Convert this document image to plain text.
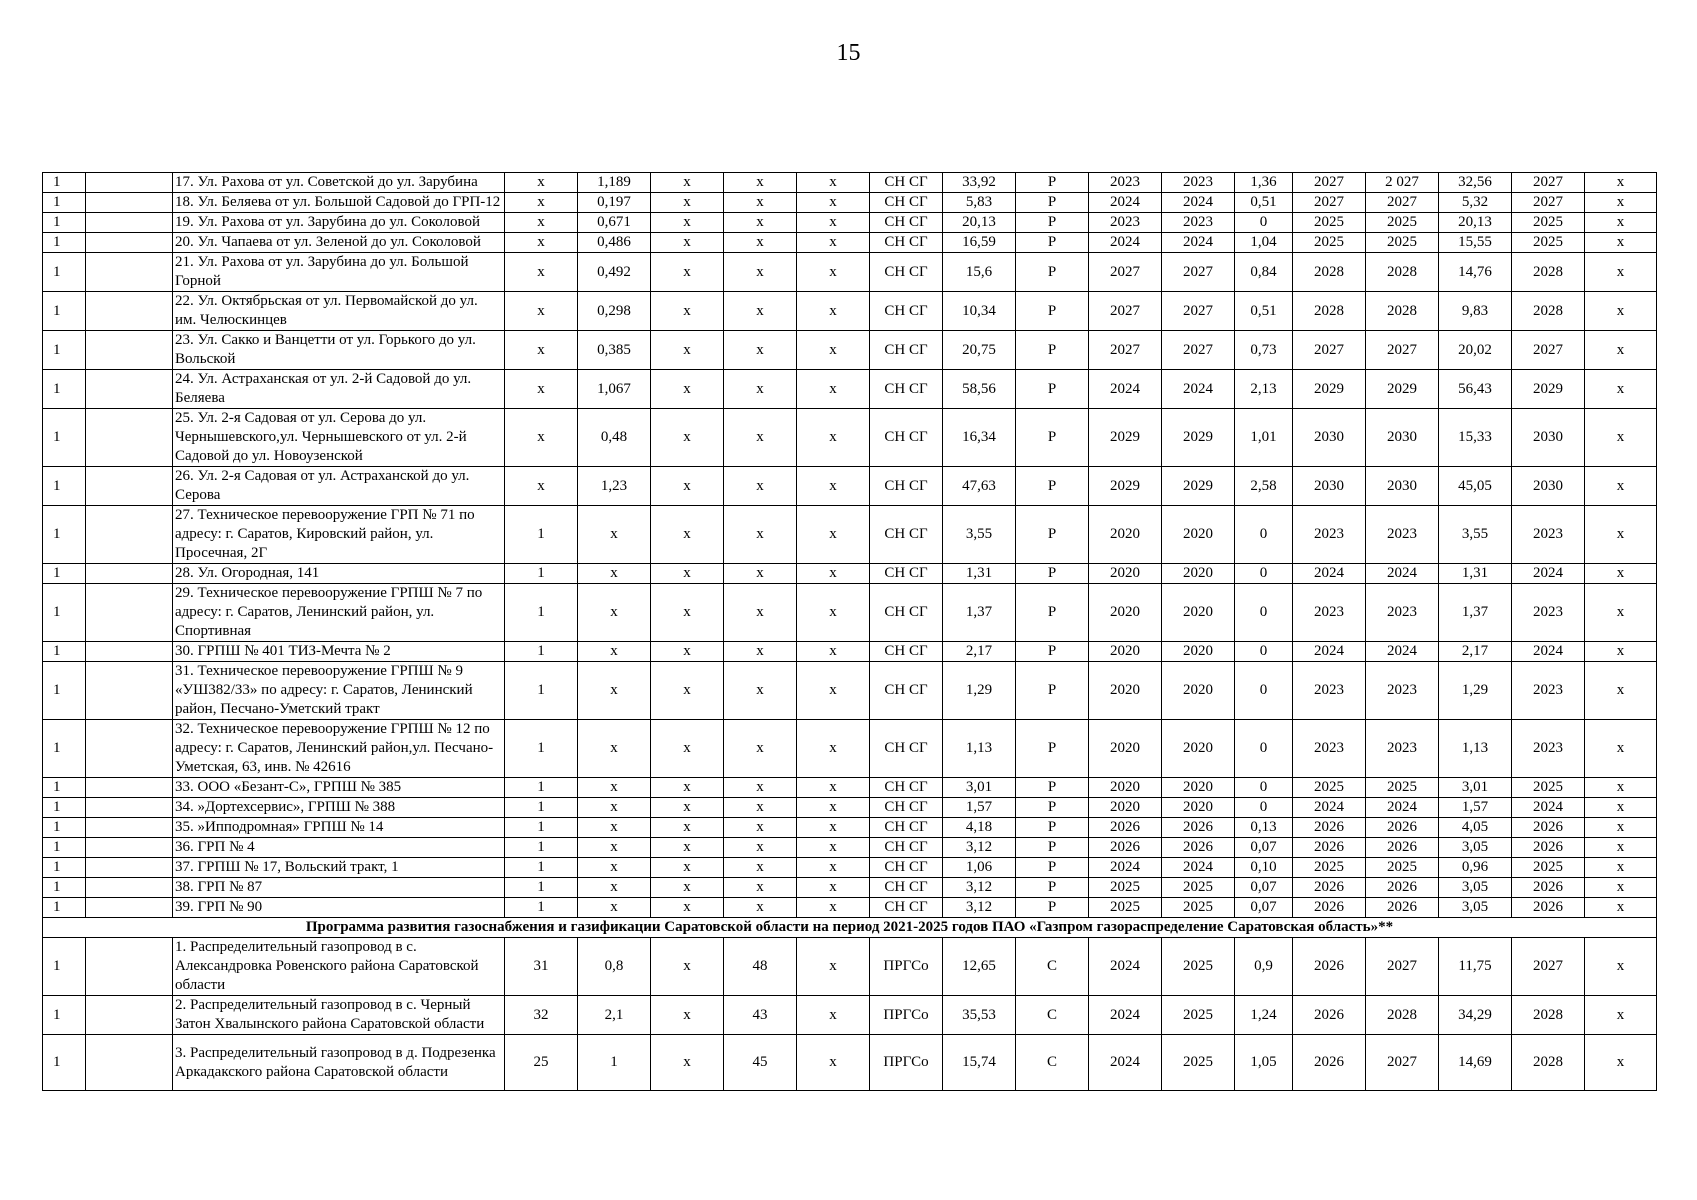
15
1		17. Ул. Рахова от ул. Советской до ул. Зарубина	x	1,189	x	x	x	СН СГ	33,92	Р	2023	2023	1,36	2027	2 027	32,56	2027	x
1		18. Ул. Беляева от ул. Большой Садовой до ГРП-12	x	0,197	x	x	x	СН СГ	5,83	Р	2024	2024	0,51	2027	2027	5,32	2027	x
1		19. Ул. Рахова от ул. Зарубина до ул. Соколовой	x	0,671	x	x	x	СН СГ	20,13	Р	2023	2023	0	2025	2025	20,13	2025	x
1		20. Ул. Чапаева от ул. Зеленой до ул. Соколовой	x	0,486	x	x	x	СН СГ	16,59	Р	2024	2024	1,04	2025	2025	15,55	2025	x
1		21. Ул. Рахова от ул. Зарубина до ул. Большой Горной	x	0,492	x	x	x	СН СГ	15,6	Р	2027	2027	0,84	2028	2028	14,76	2028	x
1		22. Ул. Октябрьская от ул. Первомайской до ул. им. Челюскинцев	x	0,298	x	x	x	СН СГ	10,34	Р	2027	2027	0,51	2028	2028	9,83	2028	x
1		23. Ул. Сакко и Ванцетти от ул. Горького до ул. Вольской	x	0,385	x	x	x	СН СГ	20,75	Р	2027	2027	0,73	2027	2027	20,02	2027	x
1		24. Ул. Астраханская от ул. 2-й Садовой до ул. Беляева	x	1,067	x	x	x	СН СГ	58,56	Р	2024	2024	2,13	2029	2029	56,43	2029	x
1		25. Ул. 2-я Садовая от ул. Серова до ул. Чернышевского,ул. Чернышевского от ул. 2-й Садовой до ул. Новоузенской	x	0,48	x	x	x	СН СГ	16,34	Р	2029	2029	1,01	2030	2030	15,33	2030	x
1		26. Ул. 2-я Садовая от ул. Астраханской до ул. Серова	x	1,23	x	x	x	СН СГ	47,63	Р	2029	2029	2,58	2030	2030	45,05	2030	x
1		27. Техническое перевооружение ГРП № 71 по адресу: г. Саратов, Кировский район, ул. Просечная, 2Г	1	x	x	x	x	СН СГ	3,55	Р	2020	2020	0	2023	2023	3,55	2023	x
1		28. Ул. Огородная, 141	1	x	x	x	x	СН СГ	1,31	Р	2020	2020	0	2024	2024	1,31	2024	x
1		29. Техническое перевооружение ГРПШ № 7 по адресу: г. Саратов, Ленинский район, ул. Спортивная	1	x	x	x	x	СН СГ	1,37	Р	2020	2020	0	2023	2023	1,37	2023	x
1		30. ГРПШ № 401 ТИЗ-Мечта № 2	1	x	x	x	x	СН СГ	2,17	Р	2020	2020	0	2024	2024	2,17	2024	x
1		31. Техническое перевооружение ГРПШ № 9 «УШ382/33» по адресу: г. Саратов, Ленинский район, Песчано-Уметский тракт	1	x	x	x	x	СН СГ	1,29	Р	2020	2020	0	2023	2023	1,29	2023	x
1		32. Техническое перевооружение ГРПШ № 12 по адресу: г. Саратов, Ленинский район,ул. Песчано-Уметская, 63, инв. № 42616	1	x	x	x	x	СН СГ	1,13	Р	2020	2020	0	2023	2023	1,13	2023	x
1		33. ООО «Безант-С», ГРПШ № 385	1	x	x	x	x	СН СГ	3,01	Р	2020	2020	0	2025	2025	3,01	2025	x
1		34. »Дортехсервис», ГРПШ № 388	1	x	x	x	x	СН СГ	1,57	Р	2020	2020	0	2024	2024	1,57	2024	x
1		35. »Ипподромная» ГРПШ № 14	1	x	x	x	x	СН СГ	4,18	Р	2026	2026	0,13	2026	2026	4,05	2026	x
1		36. ГРП № 4	1	x	x	x	x	СН СГ	3,12	Р	2026	2026	0,07	2026	2026	3,05	2026	x
1		37. ГРПШ № 17, Вольский тракт, 1	1	x	x	x	x	СН СГ	1,06	Р	2024	2024	0,10	2025	2025	0,96	2025	x
1		38. ГРП № 87	1	x	x	x	x	СН СГ	3,12	Р	2025	2025	0,07	2026	2026	3,05	2026	x
1		39. ГРП № 90	1	x	x	x	x	СН СГ	3,12	Р	2025	2025	0,07	2026	2026	3,05	2026	x
Программа развития газоснабжения и газификации Саратовской области на период 2021-2025 годов ПАО «Газпром газораспределение Саратовская область»**																		
1		1. Распределительный газопровод в с. Александровка Ровенского района Саратовской области	31	0,8	x	48	x	ПРГСо	12,65	С	2024	2025	0,9	2026	2027	11,75	2027	x
1		2. Распределительный газопровод в с. Черный Затон Хвалынского района Саратовской области	32	2,1	x	43	x	ПРГСо	35,53	С	2024	2025	1,24	2026	2028	34,29	2028	x
1		3. Распределительный газопровод в д. Подрезенка Аркадакского района Саратовской области	25	1	x	45	x	ПРГСо	15,74	С	2024	2025	1,05	2026	2027	14,69	2028	x
